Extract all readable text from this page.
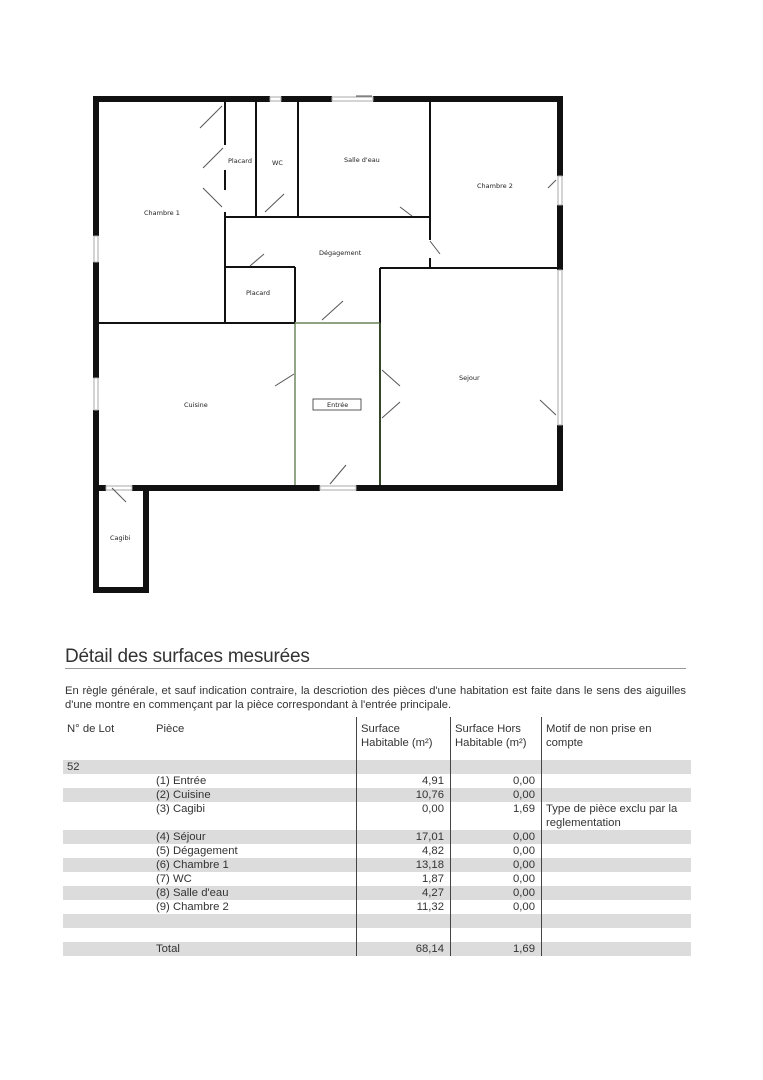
Placard	WC	Salle d'eau
Chambre 2
Chambre 1
Dégagement
Placard
Sejour
Cuisine	Entrée
Cagibi
Détail des surfaces mesurées
En règle générale, et sauf indication contraire, la descriotion des pièces d'une habitation est faite dans le sens des aiguilles d'une montre en commençant par la pièce correspondant à l'entrée principale.
N° de Lot	Pièce	Surface Habitable (m²)	Surface Hors Habitable (m²)	Motif de non prise en compte
52				
	(1) Entrée	4,91	0,00	
	(2) Cuisine	10,76	0,00	
	(3) Cagibi	0,00	1,69	Type de pièce exclu par la reglementation
	(4) Séjour	17,01	0,00	
	(5) Dégagement	4,82	0,00	
	(6) Chambre 1	13,18	0,00	
	(7) WC	1,87	0,00	
	(8) Salle d'eau	4,27	0,00	
	(9) Chambre 2	11,32	0,00	

	Total	68,14	1,69	
